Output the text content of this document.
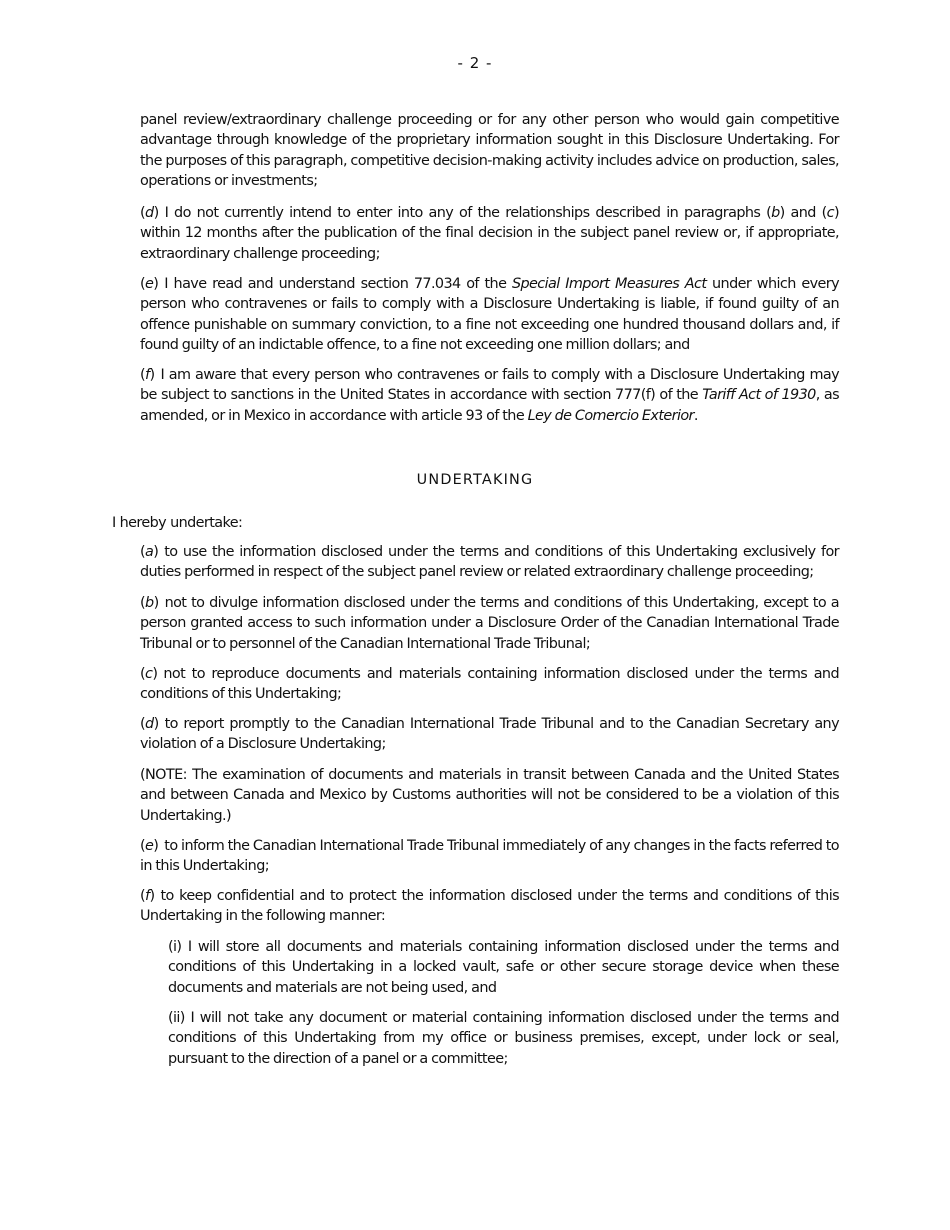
- 2 -
panel review/extraordinary challenge proceeding or for any other person who would gain competitive advantage through knowledge of the proprietary information sought in this Disclosure Undertaking. For the purposes of this paragraph, competitive decision-making activity includes advice on production, sales, operations or investments;
(d) I do not currently intend to enter into any of the relationships described in paragraphs (b) and (c) within 12 months after the publication of the final decision in the subject panel review or, if appropriate, extraordinary challenge proceeding;
(e) I have read and understand section 77.034 of the Special Import Measures Act under which every person who contravenes or fails to comply with a Disclosure Undertaking is liable, if found guilty of an offence punishable on summary conviction, to a fine not exceeding one hundred thousand dollars and, if found guilty of an indictable offence, to a fine not exceeding one million dollars; and
(f) I am aware that every person who contravenes or fails to comply with a Disclosure Undertaking may be subject to sanctions in the United States in accordance with section 777(f) of the Tariff Act of 1930, as amended, or in Mexico in accordance with article 93 of the Ley de Comercio Exterior.
UNDERTAKING
I hereby undertake:
(a) to use the information disclosed under the terms and conditions of this Undertaking exclusively for duties performed in respect of the subject panel review or related extraordinary challenge proceeding;
(b) not to divulge information disclosed under the terms and conditions of this Undertaking, except to a person granted access to such information under a Disclosure Order of the Canadian International Trade Tribunal or to personnel of the Canadian International Trade Tribunal;
(c) not to reproduce documents and materials containing information disclosed under the terms and conditions of this Undertaking;
(d) to report promptly to the Canadian International Trade Tribunal and to the Canadian Secretary any violation of a Disclosure Undertaking;
(NOTE: The examination of documents and materials in transit between Canada and the United States and between Canada and Mexico by Customs authorities will not be considered to be a violation of this Undertaking.)
(e) to inform the Canadian International Trade Tribunal immediately of any changes in the facts referred to in this Undertaking;
(f) to keep confidential and to protect the information disclosed under the terms and conditions of this Undertaking in the following manner:
(i) I will store all documents and materials containing information disclosed under the terms and conditions of this Undertaking in a locked vault, safe or other secure storage device when these documents and materials are not being used, and
(ii) I will not take any document or material containing information disclosed under the terms and conditions of this Undertaking from my office or business premises, except, under lock or seal, pursuant to the direction of a panel or a committee;
